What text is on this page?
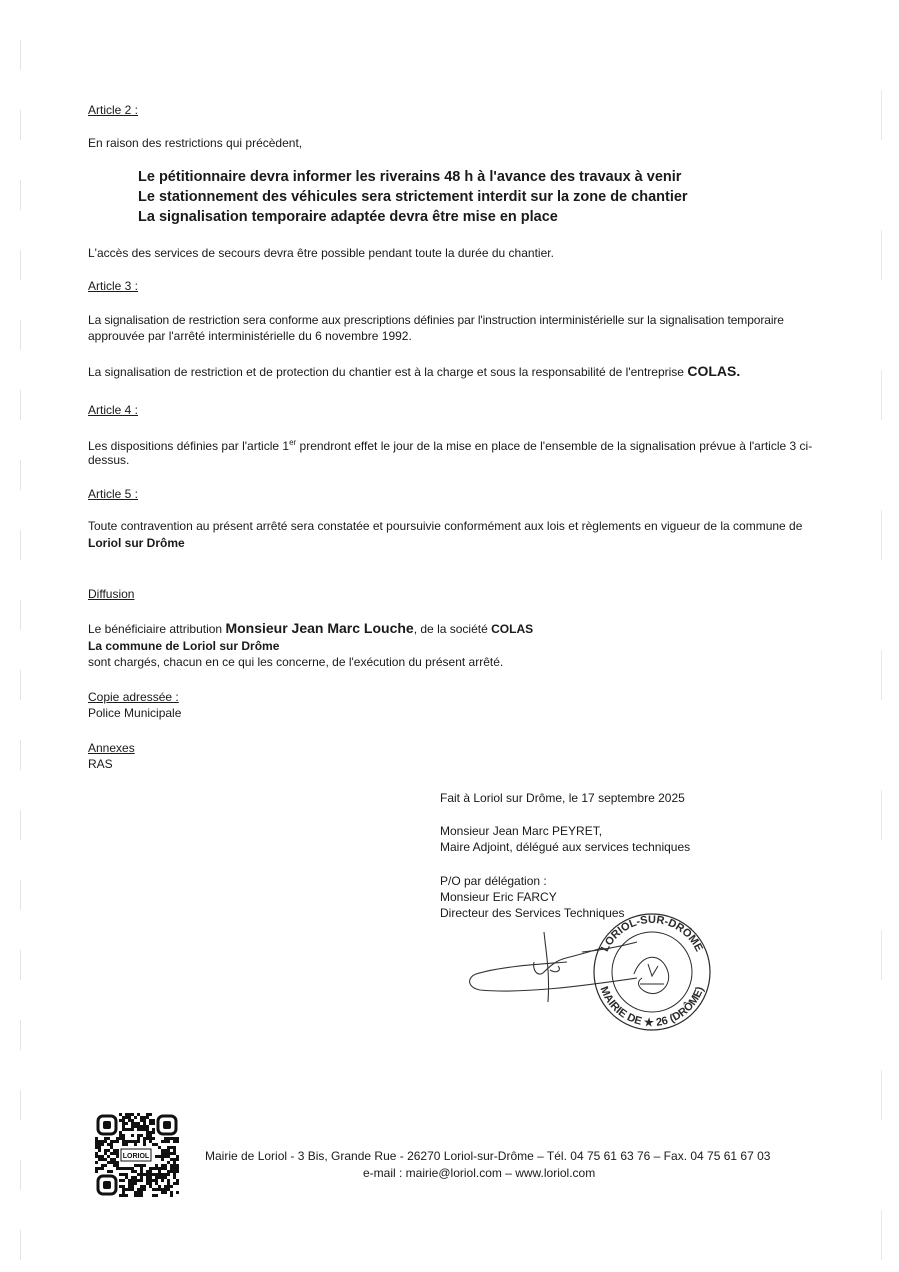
Article 2 :
En raison des restrictions qui précèdent,
Le pétitionnaire devra informer les riverains 48 h à l'avance des travaux à venir
Le stationnement des véhicules sera strictement interdit sur la zone de chantier
La signalisation temporaire adaptée devra être mise en place
L'accès des services de secours devra être possible pendant toute la durée du chantier.
Article 3 :
La signalisation de restriction sera conforme aux prescriptions définies par l'instruction interministérielle sur la signalisation temporaire
approuvée par l'arrêté interministérielle du 6 novembre 1992.
La signalisation de restriction et de protection du chantier est à la charge et sous la responsabilité de l'entreprise COLAS.
Article 4 :
Les dispositions définies par l'article 1er prendront effet le jour de la mise en place de l'ensemble de la signalisation prévue à l'article 3 ci-
dessus.
Article 5 :
Toute contravention au présent arrêté sera constatée et poursuivie conformément aux lois et règlements en vigueur de la commune de
Loriol sur Drôme
Diffusion
Le bénéficiaire attribution Monsieur Jean Marc Louche, de la société COLAS
La commune de Loriol sur Drôme
sont chargés, chacun en ce qui les concerne, de l'exécution du présent arrêté.
Copie adressée :
Police Municipale
Annexes
RAS
Fait à Loriol sur Drôme, le 17 septembre 2025
Monsieur Jean Marc PEYRET,
Maire Adjoint, délégué aux services techniques
P/O par délégation :
Monsieur Eric FARCY
Directeur des Services Techniques
LORIOL-SUR-DRÔME
MAIRIE DE ★ 26 (DRÔME)
LORIOL	Mairie de Loriol - 3 Bis, Grande Rue - 26270 Loriol-sur-Drôme – Tél. 04 75 61 63 76 – Fax. 04 75 61 67 03
e-mail : mairie@loriol.com – www.loriol.com
